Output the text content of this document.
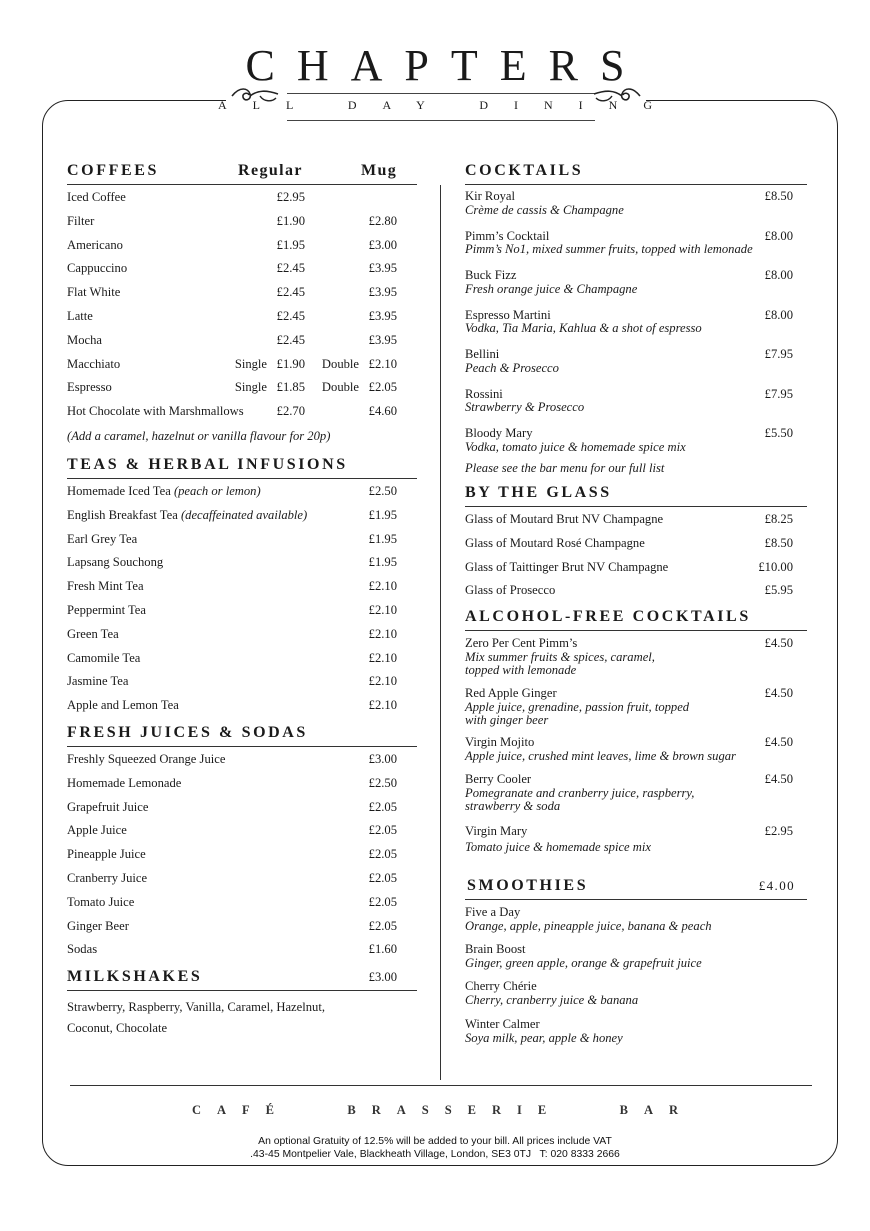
CHAPTERS
ALL DAY DINING
COFFEES	Regular	Mug
Iced Coffee	£2.95
Filter	£1.90	£2.80
Americano	£1.95	£3.00
Cappuccino	£2.45	£3.95
Flat White	£2.45	£3.95
Latte	£2.45	£3.95
Mocha	£2.45	£3.95
Macchiato	Single £1.90 Double £2.10
Espresso	Single £1.85 Double £2.05
Hot Chocolate with Marshmallows	£2.70	£4.60
(Add a caramel, hazelnut or vanilla flavour for 20p)
TEAS & HERBAL INFUSIONS
Homemade Iced Tea (peach or lemon)	£2.50
English Breakfast Tea (decaffeinated available)	£1.95
Earl Grey Tea	£1.95
Lapsang Souchong	£1.95
Fresh Mint Tea	£2.10
Peppermint Tea	£2.10
Green Tea	£2.10
Camomile Tea	£2.10
Jasmine Tea	£2.10
Apple and Lemon Tea	£2.10
FRESH JUICES & SODAS
Freshly Squeezed Orange Juice	£3.00
Homemade Lemonade	£2.50
Grapefruit Juice	£2.05
Apple Juice	£2.05
Pineapple Juice	£2.05
Cranberry Juice	£2.05
Tomato Juice	£2.05
Ginger Beer	£2.05
Sodas	£1.60
MILKSHAKES	£3.00
Strawberry, Raspberry, Vanilla, Caramel, Hazelnut, Coconut, Chocolate
COCKTAILS
Kir Royal
Crème de cassis & Champagne
£8.50
Pimm’s Cocktail
Pimm’s No1, mixed summer fruits, topped with lemonade
£8.00
Buck Fizz
Fresh orange juice & Champagne
£8.00
Espresso Martini
Vodka, Tia Maria, Kahlua & a shot of espresso
£8.00
Bellini
Peach & Prosecco
£7.95
Rossini
Strawberry & Prosecco
£7.95
Bloody Mary
Vodka, tomato juice & homemade spice mix
£5.50
Please see the bar menu for our full list
BY THE GLASS
Glass of Moutard Brut NV Champagne	£8.25
Glass of Moutard Rosé Champagne	£8.50
Glass of Taittinger Brut NV Champagne	£10.00
Glass of Prosecco	£5.95
ALCOHOL-FREE COCKTAILS
Zero Per Cent Pimm’s
Mix summer fruits & spices, caramel,
topped with lemonade
£4.50
Red Apple Ginger
Apple juice, grenadine, passion fruit, topped
with ginger beer
£4.50
Virgin Mojito
Apple juice, crushed mint leaves, lime & brown sugar
£4.50
Berry Cooler
Pomegranate and cranberry juice, raspberry,
strawberry & soda
£4.50
Virgin Mary
Tomato juice & homemade spice mix
£2.95
SMOOTHIES	£4.00
Five a Day
Orange, apple, pineapple juice, banana & peach
Brain Boost
Ginger, green apple, orange & grapefruit juice
Cherry Chérie
Cherry, cranberry juice & banana
Winter Calmer
Soya milk, pear, apple & honey
CAFÉ   BRASSERIE   BAR
An optional Gratuity of 12.5% will be added to your bill. All prices include VAT
.43-45 Montpelier Vale, Blackheath Village, London, SE3 0TJ   T: 020 8333 2666
